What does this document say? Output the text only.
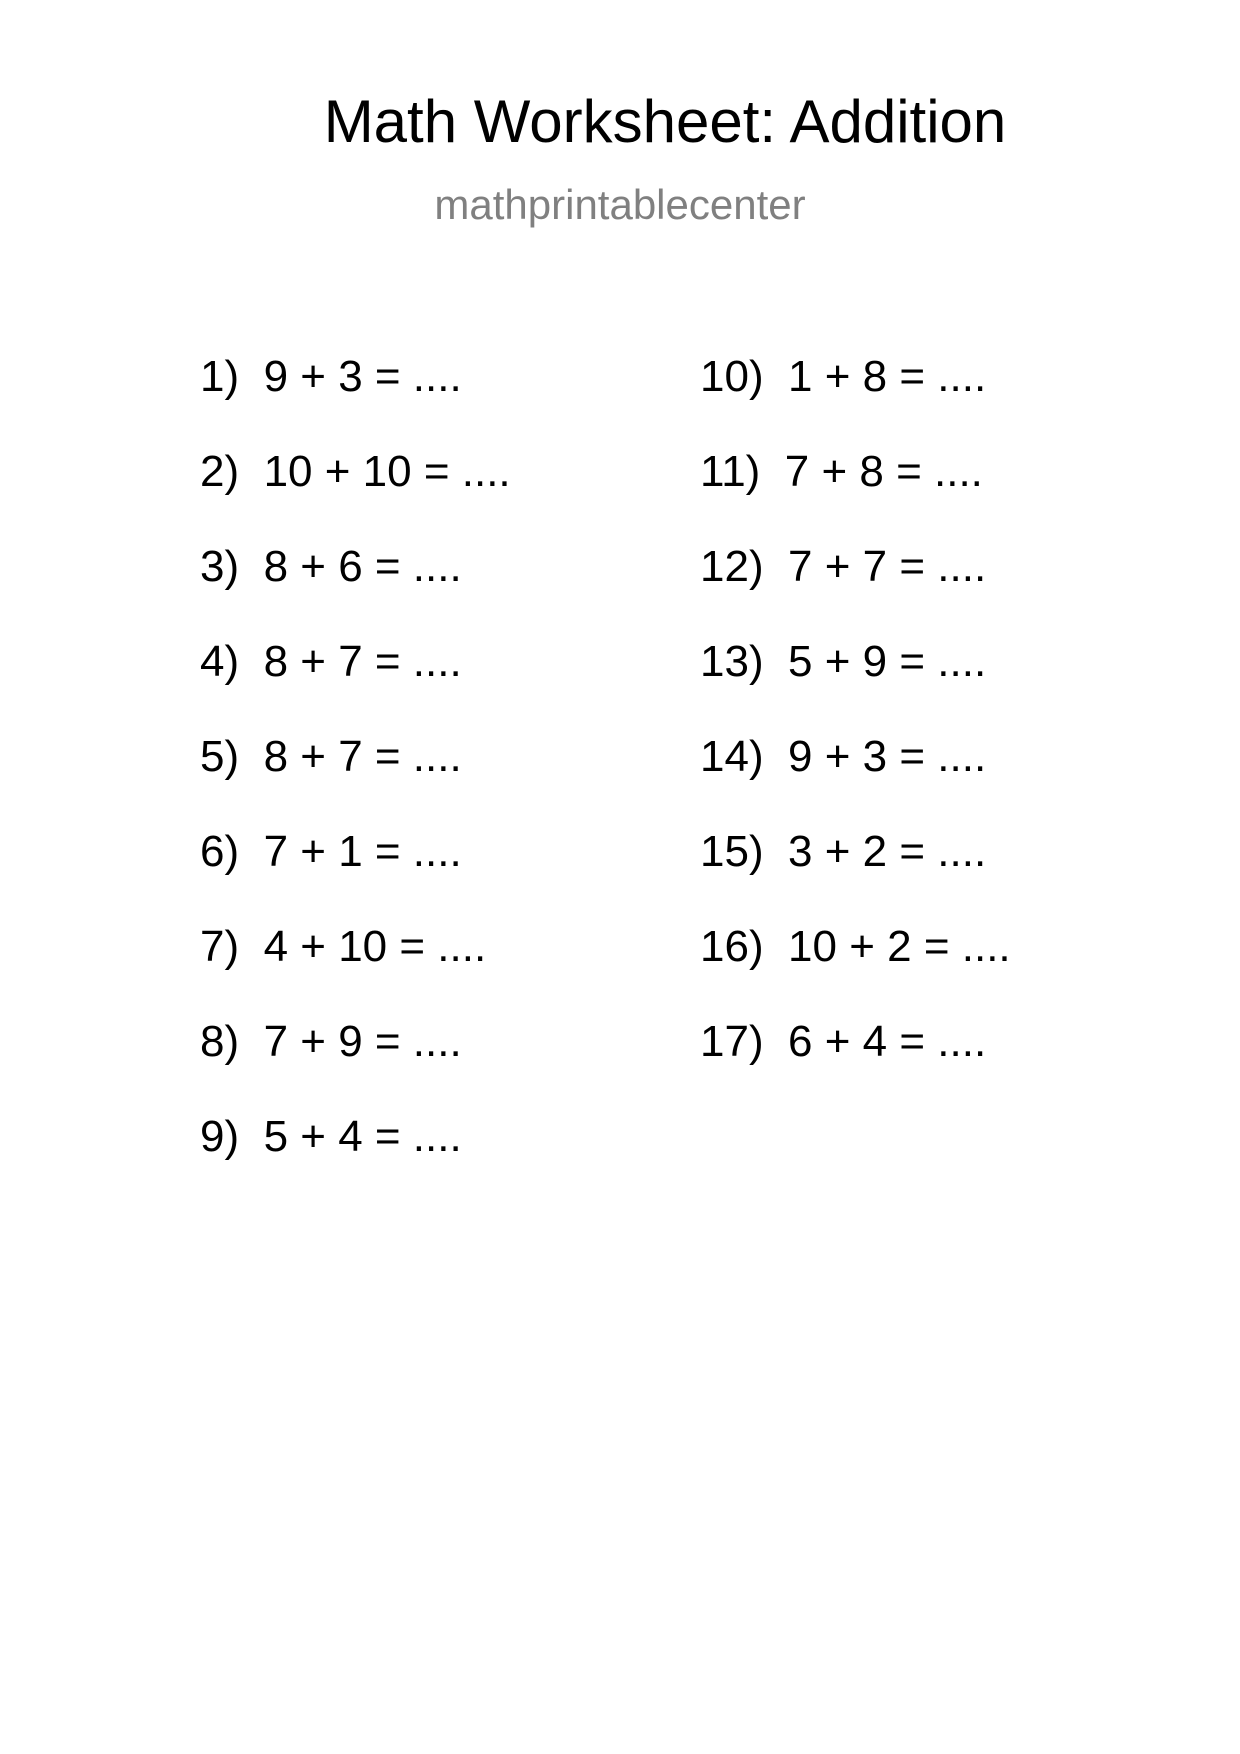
Math Worksheet: Addition
mathprintablecenter
1) 9 + 3 = ....
2) 10 + 10 = ....
3) 8 + 6 = ....
4) 8 + 7 = ....
5) 8 + 7 = ....
6) 7 + 1 = ....
7) 4 + 10 = ....
8) 7 + 9 = ....
9) 5 + 4 = ....
10) 1 + 8 = ....
11) 7 + 8 = ....
12) 7 + 7 = ....
13) 5 + 9 = ....
14) 9 + 3 = ....
15) 3 + 2 = ....
16) 10 + 2 = ....
17) 6 + 4 = ....
